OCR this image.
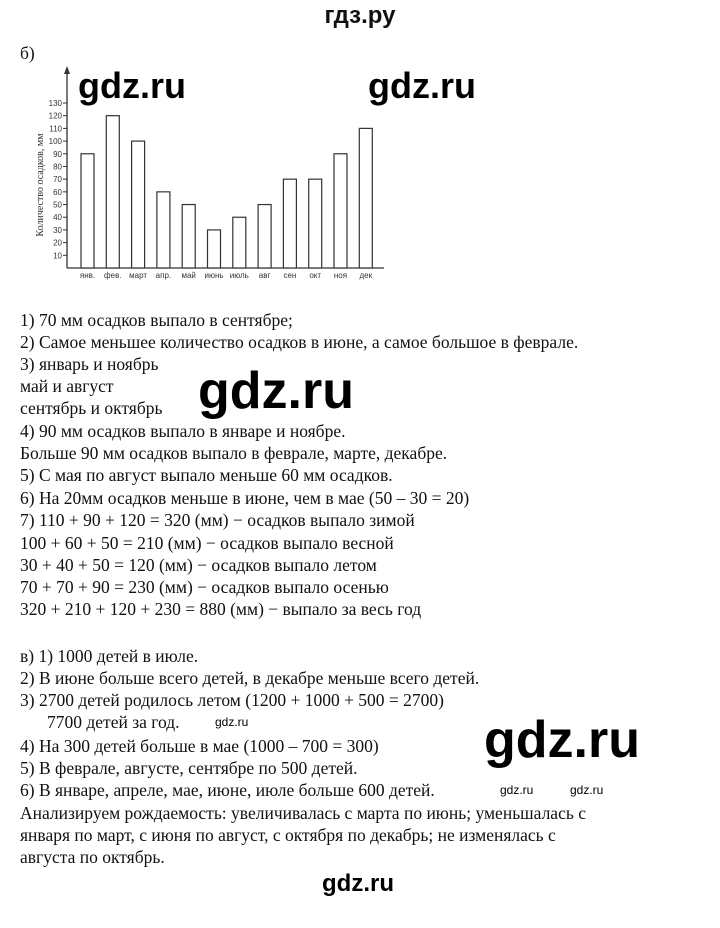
гдз.ру
б)
10
20
30
40
50
60
70
80
90
100
110
120
130
Количество осадков, мм
янв. фев. март апр. май июнь июль авг сен окт ноя дек
1) 70 мм осадков выпало в сентябре;
2) Самое меньшее количество осадков в июне, а самое большое в феврале.
3) январь и ноябрь
май и август
сентябрь и октябрь
4) 90 мм осадков выпало в январе и ноябре.
Больше 90 мм осадков выпало в феврале, марте, декабре.
5) С мая по август выпало меньше 60 мм осадков.
6) На 20мм осадков меньше в июне, чем в мае (50 – 30 = 20)
7) 110 + 90 + 120 = 320 (мм) − осадков выпало зимой
100 + 60 + 50 = 210 (мм) − осадков выпало весной
30 + 40 + 50 = 120 (мм) − осадков выпало летом
70 + 70 + 90 = 230 (мм) − осадков выпало осенью
320 + 210 + 120 + 230 = 880 (мм) − выпало за весь год
в) 1) 1000 детей в июле.
2) В июне больше всего детей, в декабре меньше всего детей.
3) 2700 детей родилось летом (1200 + 1000 + 500 = 2700)
7700 детей за год.
4) На 300 детей больше в мае (1000 – 700 = 300)
5) В феврале, августе, сентябре по 500 детей.
6) В январе, апреле, мае, июне, июле больше 600 детей.
Анализируем рождаемость: увеличивалась с марта по июнь; уменьшалась с
января по март, с июня по август, с октября по декабрь; не изменялась с
августа по октябрь.
gdz.ru	gdz.ru
gdz.ru
gdz.ru
gdz.ru
gdz.ru	gdz.ru
gdz.ru
